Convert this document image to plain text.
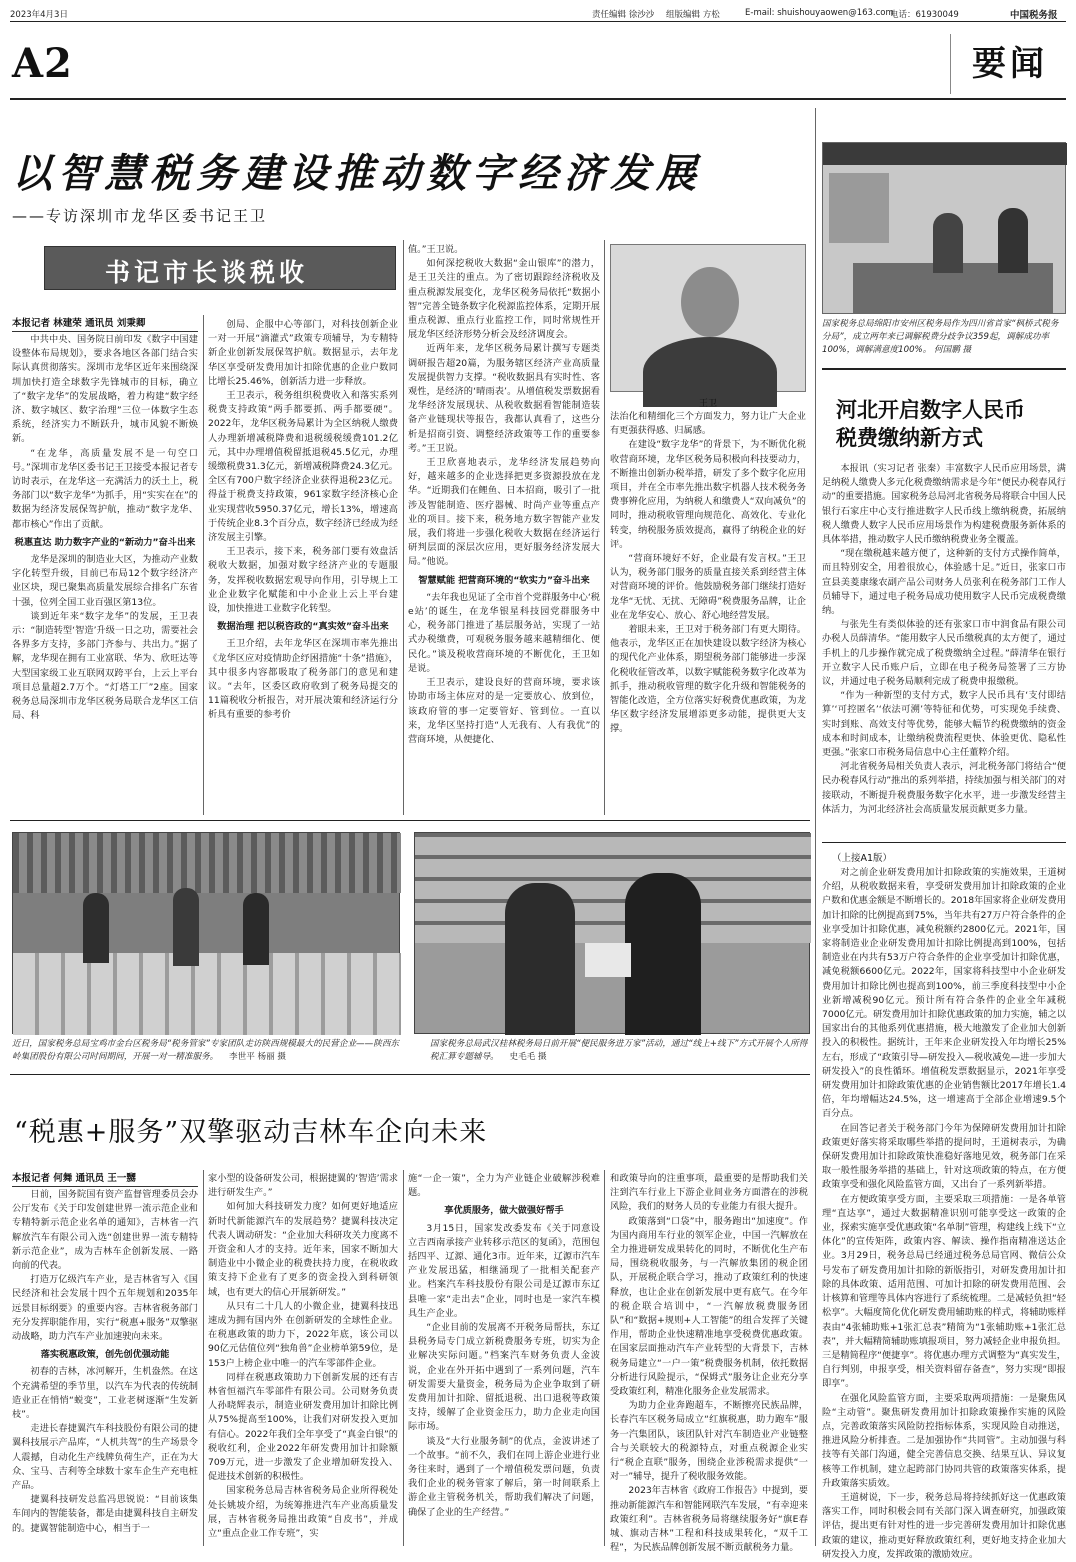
2023年4月3日	责任编辑 徐沙沙 组版编辑 方松	E-mail: shuishouyaowen@163.com
电话：61930049	中国税务报
A2	要闻
以智慧税务建设推动数字经济发展
——专访深圳市龙华区委书记王卫
书记市长谈税收
本报记者 林建荣 通讯员 刘秉卿

中共中央、国务院日前印发《数字中国建设整体布局规划》，要求各地区各部门结合实际认真贯彻落实。深圳市龙华区近年来围绕深圳加快打造全球数字先锋城市的目标，确立了“数字龙华”的发展战略，着力构建“数字经济、数字城区、数字治理”三位一体数字生态系统，经济实力不断跃升，城市风貌不断焕新。

“在龙华，高质量发展不是一句空口号。”深圳市龙华区委书记王卫接受本报记者专访时表示，在龙华这一充满活力的沃土上，税务部门以“数字龙华”为抓手，用“实实在在”的数据为经济发展保驾护航，推动“数字龙华、都市核心”作出了贡献。

税惠直达 助力数字产业的“新动力”奋斗出来

龙华是深圳的制造业大区，为推动产业数字化转型升级，目前已布局12个数字经济产业区块，现已聚集高质量发展综合排名广东省十强，位列全国工业百强区第13位。

谈到近年来“数字龙华”的发展，王卫表示：“制造转型‘智造’升级一日之功，需要社会各界多方支持，多部门齐参与、共出力。”据了解，龙华现在拥有工业富联、华为、欣旺达等大型国家级工业互联网双跨平台，上云上平台项目总量超2.7万个。“灯塔工厂”2座。国家税务总局深圳市龙华区税务局联合龙华区工信局、科

创局、企服中心等部门，对科技创新企业一对一开展“滴灌式”政策专项辅导，为专精特新企业创新发展保驾护航。数据显示，去年龙华区享受研发费用加计扣除优惠的企业户数同比增长25.46%，创新活力进一步释放。

王卫表示，税务组织税费收入和落实系列税费支持政策“两手都要抓、两手都要硬”。2022年，龙华区税务局累计为全区纳税人缴费人办理新增减税降费和退税缓税缓费101.2亿元，其中办理增值税留抵退税45.5亿元，办理缓缴税费31.3亿元，新增减税降费24.3亿元。全区有700户数字经济企业获得退税23亿元。得益于税费支持政策，961家数字经济核心企业实现营收5950.37亿元，增长13%，增速高于传统企业8.3个百分点，数字经济已经成为经济发展主引擎。

王卫表示，接下来，税务部门要有效盘活税收大数据，加强对数字经济产业的专题服务，发挥税收数据宏观导向作用，引导规上工业企业数字化赋能和中小企业上云上平台建设，加快推进工业数字化转型。

数据治理 把以税咨政的“真实效”奋斗出来

王卫介绍，去年龙华区在深圳市率先推出《龙华区应对疫情助企纾困措施“十条”措施》，其中很多内容都吸取了税务部门的意见和建议。“去年，区委区政府收到了税务局提交的11篇税收分析报告，对开展决策和经济运行分析具有重要的参考价

值。”王卫说。

如何深挖税收大数据“金山银库”的潜力，是王卫关注的重点。为了密切跟踪经济税收及重点税源发展变化，龙华区税务局依托“数据小智”完善全链条数字化税源监控体系，定期开展重点税源、重点行业监控工作，同时常规性开展龙华区经济形势分析会及经济调度会。

近两年来，龙华区税务局累计撰写专题类调研报告超20篇，为服务辖区经济产业高质量发展提供智力支撑。“税收数据具有实时性、客观性，是经济的‘晴雨表’。从增值税发票数据看龙华经济发展现状、从税收数据看智能制造装备产业链现状等报告，我都认真看了，这些分析是招商引资、调整经济政策等工作的重要参考。”王卫说。

王卫欣喜地表示，龙华经济发展趋势向好，越来越多的企业选择把更多资源投放在龙华。“近期我们在鲤鱼、日本招商，吸引了一批涉及智能制造、医疗器械、时尚产业等重点产业的项目。接下来，税务地方数字智能产业发展，我们将进一步强化税收大数据在经济运行研判层面的深层次应用，更好服务经济发展大局。”他说。

智慧赋能 把营商环境的“软实力”奋斗出来

“去年我也见证了全市首个党群服务中心‘税e站’的诞生，在龙华银星科技园党群服务中心，税务部门推进了基层服务站，实现了一站式办税缴费，可观税务服务越来越精细化、便民化。”谈及税收营商环境的不断优化，王卫如是说。

王卫表示，建设良好的营商环境，要求该协助市场主体应对的是一定要放心、放到位，该政府管的事一定要管好、管到位。一直以来，龙华区坚持打造“人无我有、人有我优”的营商环境，从便捷化、

王卫

法治化和精细化三个方面发力，努力让广大企业有更强获得感、归属感。

在建设“数字龙华”的背景下，为不断优化税收营商环境，龙华区税务局积极向科技要动力，不断推出创新办税举措，研发了多个数字化应用项目，并在全市率先推出数字机器人技术税务务费事辨化应用，为纳税人和缴费人“双向减负”的同时，推动税收管理向规范化、高效化、专业化转变，纳税服务质效提高，赢得了纳税企业的好评。

“营商环境好不好，企业最有发言权。”王卫认为，税务部门服务的质量直接关系到经营主体对营商环境的评价。他鼓励税务部门继续打造好龙华“无忧、无扰、无障碍”税费服务品牌，让企业在龙华安心、放心、舒心地经营发展。

着眼未来，王卫对于税务部门有更大期待。他表示，龙华区正在加快建设以数字经济为核心的现代化产业体系，期望税务部门能够进一步深化税收征管改革，以数字赋能税务数字化改革为抓手，推动税收管理的数字化升级和智能税务的智能化改造，全方位落实好税费优惠政策，为龙华区数字经济发展增添更多动能，提供更大支撑。

国家税务总局绵阳市安州区税务局作为四川省首家“枫桥式税务分局”，成立两年来已调解税费分歧争议359起，调解成功率100%，调解满意度100%。 何国鹏 摄
河北开启数字人民币税费缴纳新方式

本报讯（实习记者 张秦）丰富数字人民币应用场景，满足纳税人缴费人多元化税费缴纳需求是今年“便民办税春风行动”的重要措施。国家税务总局河北省税务局将联合中国人民银行石家庄中心支行推进数字人民币线上缴纳税费，拓展纳税人缴费人数字人民币应用场景作为构建税费服务新体系的具体举措，推动数字人民币缴纳税费业务全覆盖。

“现在缴税越来越方便了，这种新的支付方式操作简单，而且特别安全，用着很放心，体验感十足。”近日，张家口市宣县美菱康缘农副产品公司财务人员张利在税务部门工作人员辅导下，通过电子税务局成功使用数字人民币完成税费缴纳。

与张先生有类似体验的还有张家口市中润食品有限公司办税人员薛清华。“能用数字人民币缴税真的太方便了，通过手机上的几步操作就完成了税费缴纳全过程。”薛清华在银行开立数字人民币账户后，立即在电子税务局签署了三方协议，并通过电子税务局顺利完成了税费申报缴税。

“作为一种新型的支付方式，数字人民币具有‘支付即结算’‘可控匿名’‘依法可溯’等特征和优势，可实现免手续费、实时到账、高效支付等优势，能够大幅节约税费缴纳的资金成本和时间成本，让缴纳税费流程更快、体验更优、隐私性更强。”张家口市税务局信息中心主任董粹介绍。

河北省税务局相关负责人表示，河北税务部门将结合“便民办税春风行动”推出的系列举措，持续加强与相关部门的对接联动，不断提升税费服务数字化水平，进一步激发经营主体活力，为河北经济社会高质量发展贡献更多力量。

（上接A1版）

对之前企业研发费用加计扣除政策的实施效果，王道树介绍，从税收数据来看，享受研发费用加计扣除政策的企业户数和优惠金额是不断增长的。2018年国家将企业研发费用加计扣除的比例提高到75%，当年共有27万户符合条件的企业享受加计扣除优惠，减免税额约2800亿元。2021年，国家将制造业企业研发费用加计扣除比例提高到100%，包括制造业在内共有53万户符合条件的企业享受加计扣除优惠，减免税额6600亿元。2022年，国家将科技型中小企业研发费用加计扣除比例也提高到100%，前三季度科技型中小企业新增减税90亿元。预计所有符合条件的企业全年减税7000亿元。研发费用加计扣除优惠政策的加力实施，辅之以国家出台的其他系列优惠措施，极大地激发了企业加大创新投入的积极性。据统计，王年来企业研发投入年均增长25%左右，形成了“政策引导—研发投入—税收减免—进一步加大研发投入”的良性循环。增值税发票数据显示，2021年享受研发费用加计扣除政策优惠的企业销售额比2017年增长1.4倍，年均增幅达24.5%，这一增速高于全部企业增速9.5个百分点。

在回答记者关于税务部门今年为保障研发费用加计扣除政策更好落实将采取哪些举措的提问时，王道树表示，为确保研发费用加计扣除政策快准稳好落地见效，税务部门在采取一般性服务举措的基础上，针对这项政策的特点，在方便政策享受和强化风险监管方面，又出台了一系列新举措。

在方便政策享受方面，主要采取三项措施：一是各单管理“直达享”，通过大数据精准识别可能享受这一政策的企业，探索实施享受优惠政策“名单制”管理，构建线上线下“立体化”的宣传矩阵，政策内容、解读、操作指南精准送达企业。3月29日，税务总局已经通过税务总局官网、微信公众号发布了研发费用加计扣除的新版指引，对研发费用加计扣除的具体政策、适用范围、可加计扣除的研发费用范围、会计核算和管理等具体内容进行了系统梳理。二是减轻负担“轻松享”。大幅度简化优化研发费用辅助账的样式，将辅助账样表由“4张辅助账+1张汇总表”精简为“1张辅助账+1张汇总表”，并大幅精简辅助账填报项目，努力减轻企业申报负担。三是精简程序“便捷享”。将优惠办理方式调整为“真实发生，自行判别，申报享受，相关资料留存备查”，努力实现“即报即享”。

在强化风险监管方面，主要采取两项措施：一是聚焦风险“主动管”。聚焦研发费用加计扣除政策操作实施的风险点，完善政策落实风险防控指标体系，实现风险自动推送，推进风险分析排查。二是加强协作“共同管”。主动加强与科技等有关部门沟通，健全完善信息交换、结果互认、异议复核等工作机制，建立起跨部门协同共管的政策落实体系，提升政策落实质效。

王道树说，下一步，税务总局将持续抓好这一优惠政策落实工作，同时积极会同有关部门深入调查研究，加强政策评估，提出更有针对性的进一步完善研发费用加计扣除优惠政策的建议，推动更好释放政策红利，更好地支持企业加大研发投入力度，发挥政策的激励效应。

近日，国家税务总局宝鸡市金台区税务局“税务管家”专家团队走访陕西规模最大的民营企业——陕西东岭集团股份有限公司时间期间，开展一对一精准服务。 李世平 杨丽 摄
国家税务总局武汉桂林税务局日前开展“便民服务进万家”活动，通过“线上+线下”方式开展个人所得税汇算专题辅导。 史毛毛 摄
“税惠+服务”双擎驱动吉林车企向未来
本报记者 何舞 通讯员 王一嬲

日前，国务院国有资产监督管理委员会办公厅发布《关于印发创建世界一流示范企业和专精特新示范企业名单的通知》，吉林省一汽解放汽车有限公司入选“创建世界一流专精特新示范企业”，成为吉林车企创新发展、一路向前的代表。

打造万亿级汽车产业，是吉林省写入《国民经济和社会发展十四个五年规划和2035年远景目标纲要》的重要内容。吉林省税务部门充分发挥职能作用，实行“税惠+服务”双擎驱动战略，助力汽车产业加速驶向未来。

落实税惠政策，创先创优强动能

初春的吉林，冰河解开，生机盎然。在这个充满希望的季节里，以汽车为代表的传统制造业正在悄悄“蜕变”，工业老树逐渐“生发新枝”。

走进长春捷翼汽车科技股份有限公司的捷翼科技展示产品库，“人机共驾”的生产场景令人震撼，自动化生产线牌负荷生产，正在为大众、宝马、吉利等全球数十家车企生产充电桩产品。

捷翼科技研发总监冯思锐说：“目前该集车间内的智能装备，都是由捷翼科技自主研发的。捷翼智能制造中心，相当于一

家小型的设备研发公司，根据捷翼的‘智造’需求进行研发生产。”

如何加大科技研发力度？如何更好地适应新时代新能源汽车的发展趋势？捷翼科技决定代表人调动研发：“企业加大科研攻关力度离不开资金和人才的支持。近年来，国家不断加大制造业中小微企业的税费扶持力度，在税收政策支持下企业有了更多的资金投入到科研领域，也有更大的信心开展新研发。”

从只有二十几人的小微企业，捷翼科技迅速成为拥有国内外 在创新研发的全球性企业。在税惠政策的助力下，2022年底，该公司以90亿元估值位列“独角兽”企业榜单第59位，是153户上榜企业中唯一的汽车零部件企业。

同样在税惠政策助力下创新发展的还有吉林省恒福汽车零部件有限公司。公司财务负责人孙晓辉表示，制造业研发费用加计扣除比例从75%提高至100%，让我们对研发投入更加有信心。2022年我们全年享受了“真金白银”的税收红利，企业2022年研发费用加计扣除额709万元，进一步激发了企业增加研发投入、促进技术创新的积极性。

国家税务总局吉林省税务局企业所得税处处长姚坡介绍，为统筹推进汽车产业高质量发展，吉林省税务局推出政策“自皮书”，并成立“重点企业工作专班”，实

施“一企一策”，全力为产业链企业破解涉税难题。

享优质服务，做大做强好帮手

3月15日，国家发改委发布《关于同意设立吉西南承接产业转移示范区的复函》，范围包括四平、辽源、通化3市。近年来，辽源市汽车产业发展迅猛，相继涌现了一批相关配套产业。档案汽车科技股份有限公司是辽源市东辽县唯一家“走出去”企业，同时也是一家汽车模具生产企业。

“企业目前的发展离不开税务局帮扶，东辽县税务局专门成立新税费服务专班，切实为企业解决实际问题。”档案汽车财务负责人金波说，企业在外开拓中遇到了一系列问题，汽车研发需要大量资金，税务局为企业争取到了研发费用加计扣除、留抵退税、出口退税等政策支持，缓解了企业资金压力，助力企业走向国际市场。

谈及“大行业服务制”的优点，金波讲述了一个故事。“前不久，我们在同上游企业进行业务往来时，遇到了一个增值税发票问题，负责我们企业的税务管家了解后，第一时间联系上游企业主管税务机关，帮助我们解决了问题，确保了企业的生产经营。”

和政策导向的注重事项，最重要的是帮助我们关注到汽车行业上下游企业间业务方面潜在的涉税风险，我们的财务人员的专业能力有很大提升。

政策落到“口袋”中，服务跑出“加速度”。作为国内商用车行业的领军企业，中国一汽解放在全力推进研发成果转化的同时，不断优化生产布局，围绕税收服务，与一汽解放集团的税企团队，开展税企联合学习，推动了政策红利的快速释放，也让企业在创新发展中更有底气。在今年的税企联合培训中，“一汽解放税费服务团队”和“数据+规则+人工智能”的组合发挥了关键作用，帮助企业快速精准地享受税费优惠政策。在国家层面推动汽车产业转型的大背景下，吉林税务局建立“一户一策”税费服务机制，依托数据分析进行风险提示，“保姆式”服务让企业充分享受政策红利，精准化服务企业发展需求。

为助力企业奔跑超车，不断擦亮民族品牌，长春汽车区税务局成立“红旗税惠，助力跑车”服务一汽集团队，该团队针对汽车制造业产业链整合与关联较大的税源特点，对重点税源企业实行“税企直联”服务，围绕企业涉税需求提供“一对一”辅导，提升了税收服务效能。

2023年吉林省《政府工作报告》中提到，要推动新能源汽车和智能网联汽车发展，“有幸迎来政策红利”。吉林省税务局将继续服务好“旗E春城、旗动吉林”工程和科技成果转化，“双千工程”，为民族品牌创新发展不断贡献税务力量。
